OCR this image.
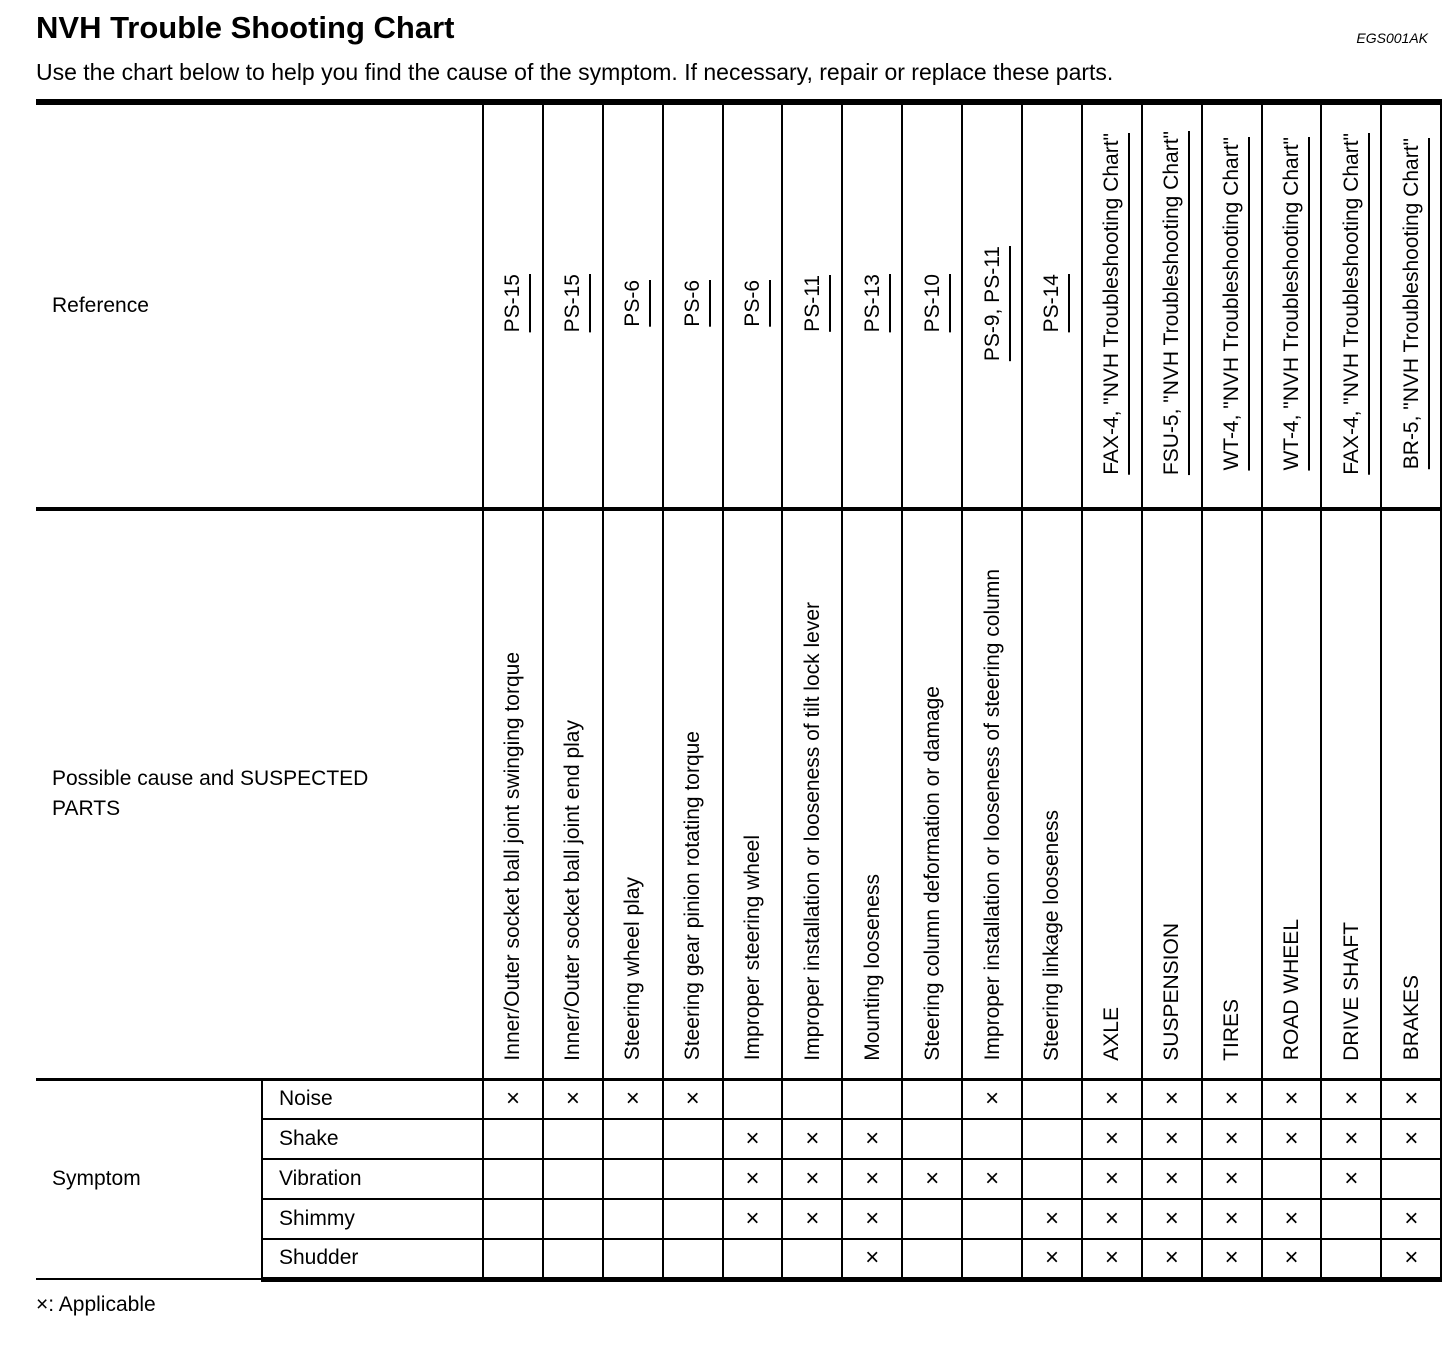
NVH Trouble Shooting Chart	EGS001AK
Use the chart below to help you find the cause of the symptom. If necessary, repair or replace these parts.
Reference		PS-15	PS-15	PS-6	PS-6	PS-6	PS-11	PS-13	PS-10	PS-9, PS-11	PS-14	FAX-4, "NVH Troubleshooting Chart"	FSU-5, "NVH Troubleshooting Chart"	WT-4, "NVH Troubleshooting Chart"	WT-4, "NVH Troubleshooting Chart"	FAX-4, "NVH Troubleshooting Chart"	BR-5, "NVH Troubleshooting Chart"

Possible cause and SUSPECTED PARTS		Inner/Outer socket ball joint swinging torque	Inner/Outer socket ball joint end play	Steering wheel play	Steering gear pinion rotating torque	Improper steering wheel	Improper installation or looseness of tilt lock lever	Mounting looseness	Steering column deformation or damage	Improper installation or looseness of steering column	Steering linkage looseness	AXLE	SUSPENSION	TIRES	ROAD WHEEL	DRIVE SHAFT	BRAKES
Symptom	Noise	×	×	×	×					×		×	×	×	×	×	×
	Shake					×	×	×				×	×	×	×	×	×
	Vibration					×	×	×	×	×		×	×	×		×	
	Shimmy					×	×	×			×	×	×	×	×		×
	Shudder							×			×	×	×	×	×		×
×: Applicable
